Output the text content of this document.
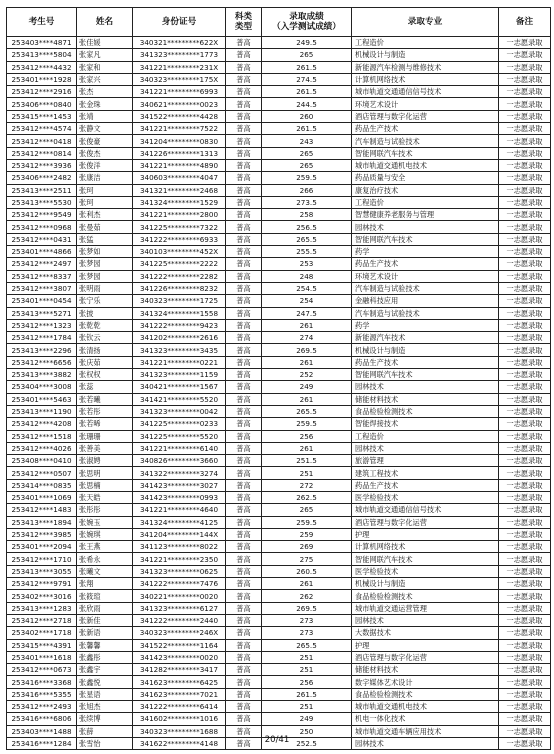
考生号	姓名	身份证号	科类
类型	录取成绩
（入学测试成绩）	录取专业	备注
253403****4871	张佳媛	340321*********622X	普高	249.5	工程造价	一志愿录取
253413****5804	张家凡	341323*********1773	普高	265	机械设计与制造	一志愿录取
253412****4432	张家和	341221*********231X	普高	261.5	新能源汽车检测与维修技术	一志愿录取
253401****1928	张家兴	340323*********175X	普高	274.5	计算机网络技术	一志愿录取
253412****2916	张杰	341221*********6993	普高	261.5	城市轨道交通通信信号技术	一志愿录取
253406****0840	张金珠	340621*********0023	普高	244.5	环境艺术设计	一志愿录取
253415****1453	张靖	341522*********4428	普高	260	酒店管理与数字化运营	一志愿录取
253412****4574	张静文	341221*********7522	普高	261.5	药品生产技术	一志愿录取
253412****0418	张俊豪	341204*********0830	普高	243	汽车制造与试验技术	一志愿录取
253412****0814	张俊杰	341226*********1313	普高	265	智能网联汽车技术	一志愿录取
253412****3936	张俊洋	341221*********4890	普高	265	城市轨道交通机电技术	一志愿录取
253406****2482	张康洁	340603*********4047	普高	259.5	药品质量与安全	一志愿录取
253413****2511	张珂	341321*********2468	普高	266	康复治疗技术	一志愿录取
253413****5530	张珂	341324*********1529	普高	273.5	工程造价	一志愿录取
253412****9549	张利杰	341221*********2800	普高	258	智慧健康养老服务与管理	一志愿录取
253412****0968	张曼茹	341225*********7322	普高	256.5	园林技术	一志愿录取
253412****0431	张猛	341222*********6933	普高	265.5	智能网联汽车技术	一志愿录取
253401****4866	张梦如	340103*********452X	普高	255.5	药学	一志愿录取
253412****2497	张梦园	341225*********2222	普高	253	药品生产技术	一志愿录取
253412****8337	张梦园	341222*********2282	普高	248	环境艺术设计	一志愿录取
253412****3807	张明雨	341226*********8232	普高	254.5	汽车制造与试验技术	一志愿录取
253401****0454	张宁乐	340323*********1725	普高	254	金融科技应用	一志愿录取
253413****5271	张披	341324*********1558	普高	247.5	汽车制造与试验技术	一志愿录取
253412****1323	张乾乾	341222*********9423	普高	261	药学	一志愿录取
253412****1784	张钦云	341202*********2616	普高	274	新能源汽车技术	一志愿录取
253413****2296	张清扬	341323*********3435	普高	269.5	机械设计与制造	一志愿录取
253412****6656	张庆茹	341221*********0221	普高	261	药品生产技术	一志愿录取
253413****3882	张权权	341323*********1159	普高	252	智能网联汽车技术	一志愿录取
253404****3008	张蕊	340421*********1567	普高	249	园林技术	一志愿录取
253401****5463	张若曦	341421*********5520	普高	261	储能材料技术	一志愿录取
253413****1190	张若彤	341323*********0042	普高	265.5	食品检验检测技术	一志愿录取
253412****4208	张若晞	341225*********0233	普高	259.5	智能焊接技术	一志愿录取
253412****1518	张珊珊	341225*********5520	普高	256	工程造价	一志愿录取
253412****4026	张善美	341221*********6140	普高	261	园林技术	一志愿录取
253408****0410	张淑娉	340826*********3660	普高	251.5	旅游管理	一志愿录取
253412****0507	张思明	341322*********3274	普高	251	建筑工程技术	一志愿录取
253414****0835	张思楠	341423*********3027	普高	272	药品生产技术	一志愿录取
253401****1069	张天皓	341423*********0993	普高	262.5	医学检验技术	一志愿录取
253412****1483	张彤彤	341221*********4640	普高	265	城市轨道交通通信信号技术	一志愿录取
253413****1894	张婉玉	341324*********4125	普高	259.5	酒店管理与数字化运营	一志愿录取
253412****3985	张婉琪	341204*********144X	普高	259	护理	一志愿录取
253401****2094	张王燕	341123*********8022	普高	269	计算机网络技术	一志愿录取
253412****1710	张希永	341221*********2350	普高	275	智能网联汽车技术	一志愿录取
253413****3055	张曦文	341323*********0625	普高	260.5	医学检验技术	一志愿录取
253412****9791	张翔	341222*********7476	普高	261	机械设计与制造	一志愿录取
253402****3016	张筱瑄	340221*********0020	普高	262	食品检验检测技术	一志愿录取
253413****1283	张欣雨	341323*********6127	普高	269.5	城市轨道交通运营管理	一志愿录取
253412****2718	张新佳	341222*********2440	普高	273	园林技术	一志愿录取
253402****1718	张新语	340323*********246X	普高	273	大数据技术	一志愿录取
253415****4391	张馨馨	341522*********1164	普高	265.5	护理	一志愿录取
253401****1618	张鑫彤	341423*********0020	普高	251	酒店管理与数字化运营	一志愿录取
253412****0673	张鑫宇	341282*********3417	普高	251	储能材料技术	一志愿录取
253416****3368	张鑫悦	341623*********6425	普高	256	数字媒体艺术设计	一志愿录取
253416****5355	张星语	341623*********7021	普高	261.5	食品检验检测技术	一志愿录取
253412****2493	张旭杰	341222*********6414	普高	251	城市轨道交通机电技术	一志愿录取
253416****6806	张续博	341602*********1016	普高	249	机电一体化技术	一志愿录取
253403****1488	张薛	340323*********1688	普高	250	城市轨道交通车辆应用技术	一志愿录取
253416****1284	张雪怡	341622*********4148	普高	252.5	园林技术	一志愿录取
20/41
